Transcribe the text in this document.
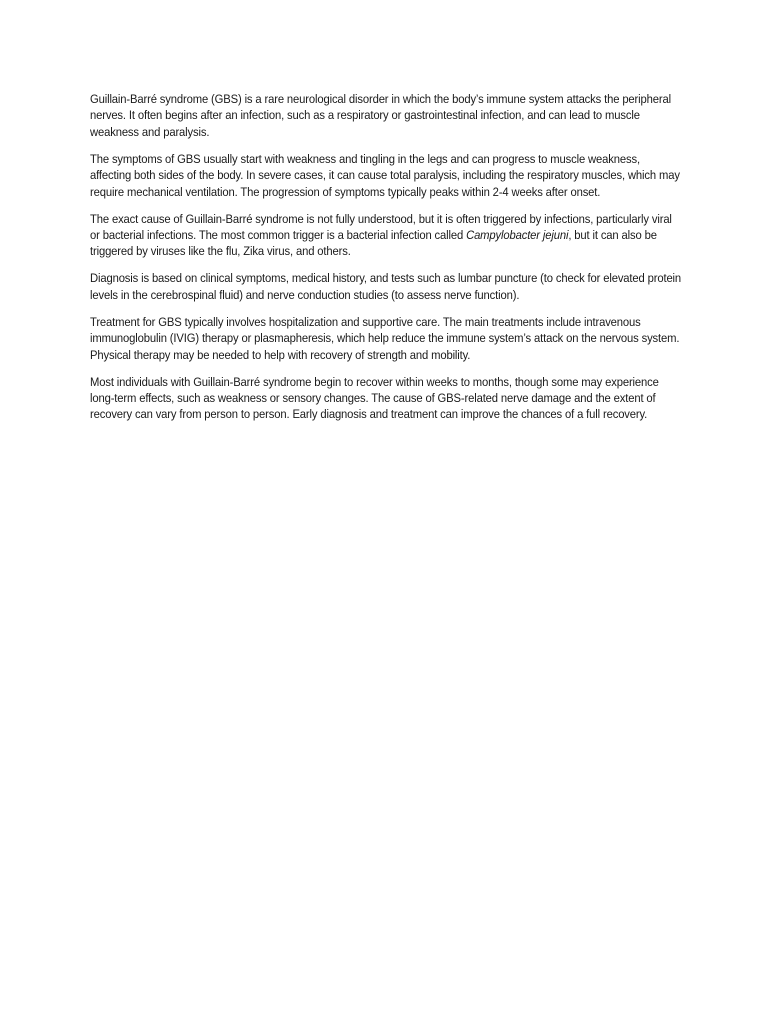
Guillain-Barré syndrome (GBS) is a rare neurological disorder in which the body’s immune system attacks the peripheral nerves. It often begins after an infection, such as a respiratory or gastrointestinal infection, and can lead to muscle weakness and paralysis.

The symptoms of GBS usually start with weakness and tingling in the legs and can progress to muscle weakness, affecting both sides of the body. In severe cases, it can cause total paralysis, including the respiratory muscles, which may require mechanical ventilation. The progression of symptoms typically peaks within 2-4 weeks after onset.

The exact cause of Guillain-Barré syndrome is not fully understood, but it is often triggered by infections, particularly viral or bacterial infections. The most common trigger is a bacterial infection called Campylobacter jejuni, but it can also be triggered by viruses like the flu, Zika virus, and others.

Diagnosis is based on clinical symptoms, medical history, and tests such as lumbar puncture (to check for elevated protein levels in the cerebrospinal fluid) and nerve conduction studies (to assess nerve function).

Treatment for GBS typically involves hospitalization and supportive care. The main treatments include intravenous immunoglobulin (IVIG) therapy or plasmapheresis, which help reduce the immune system’s attack on the nervous system. Physical therapy may be needed to help with recovery of strength and mobility.

Most individuals with Guillain-Barré syndrome begin to recover within weeks to months, though some may experience long-term effects, such as weakness or sensory changes. The cause of GBS-related nerve damage and the extent of recovery can vary from person to person. Early diagnosis and treatment can improve the chances of a full recovery.
